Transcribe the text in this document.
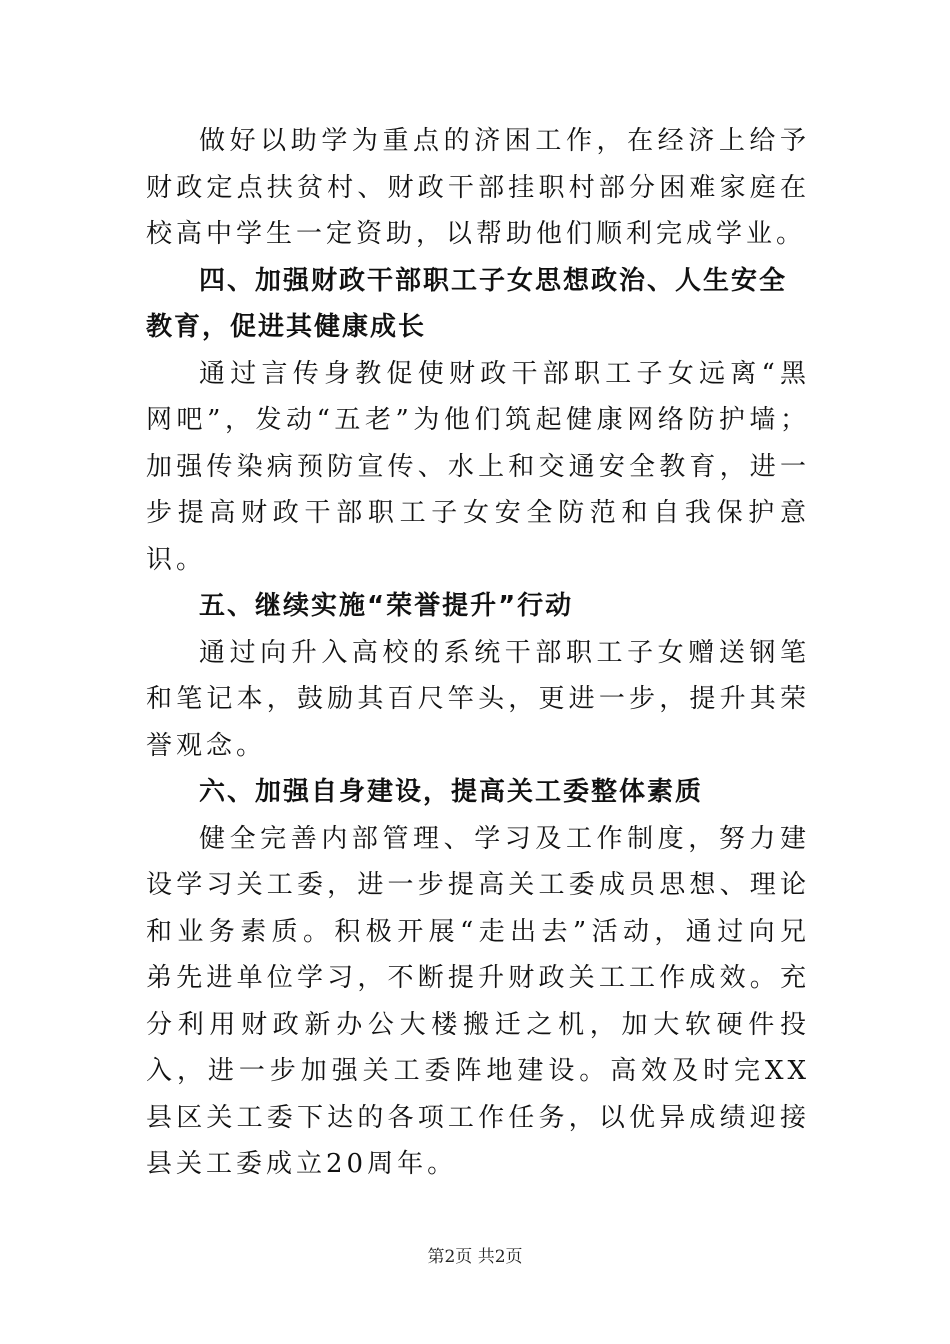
做好以助学为重点的济困工作，在经济上给予财政定点扶贫村、财政干部挂职村部分困难家庭在校高中学生一定资助，以帮助他们顺利完成学业。

四、加强财政干部职工子女思想政治、人生安全教育，促进其健康成长

通过言传身教促使财政干部职工子女远离“黑网吧”，发动“五老”为他们筑起健康网络防护墙；加强传染病预防宣传、水上和交通安全教育，进一步提高财政干部职工子女安全防范和自我保护意识。

五、继续实施“荣誉提升”行动

通过向升入高校的系统干部职工子女赠送钢笔和笔记本，鼓励其百尺竿头，更进一步，提升其荣誉观念。

六、加强自身建设，提高关工委整体素质

健全完善内部管理、学习及工作制度，努力建设学习关工委，进一步提高关工委成员思想、理论和业务素质。积极开展“走出去”活动，通过向兄弟先进单位学习，不断提升财政关工工作成效。充分利用财政新办公大楼搬迁之机，加大软硬件投入，进一步加强关工委阵地建设。高效及时完XX县区关工委下达的各项工作任务，以优异成绩迎接县关工委成立20周年。

第2页 共2页
